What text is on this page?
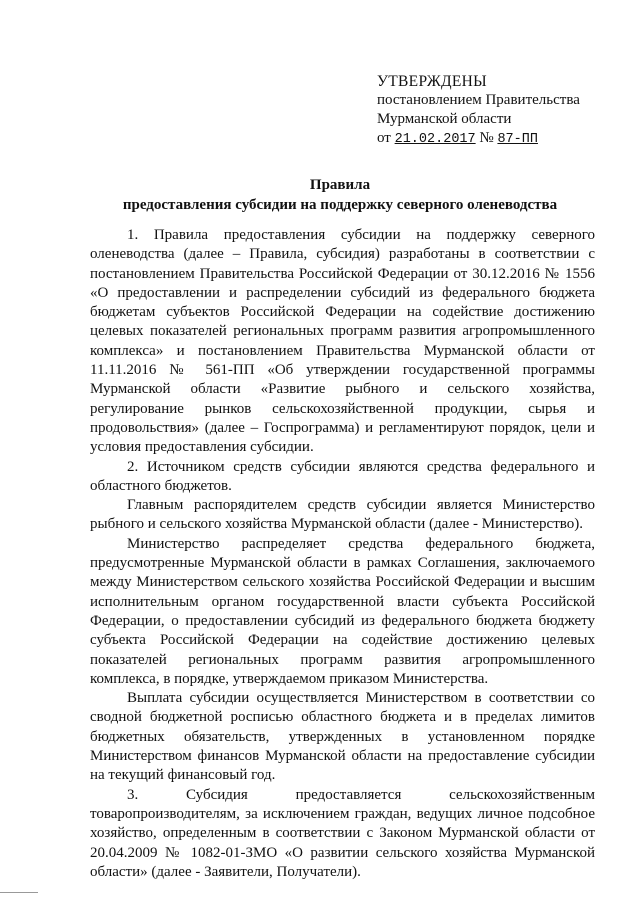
УТВЕРЖДЕНЫ
постановлением Правительства
Мурманской области
от 21.02.2017 № 87-ПП
Правила
предоставления субсидии на поддержку северного оленеводства

1. Правила предоставления субсидии на поддержку северного оленеводства (далее – Правила, субсидия) разработаны в соответствии с постановлением Правительства Российской Федерации от 30.12.2016 № 1556 «О предоставлении и распределении субсидий из федерального бюджета бюджетам субъектов Российской Федерации на содействие достижению целевых показателей региональных программ развития агропромышленного комплекса» и постановлением Правительства Мурманской области от 11.11.2016 № 561-ПП «Об утверждении государственной программы Мурманской области «Развитие рыбного и сельского хозяйства, регулирование рынков сельскохозяйственной продукции, сырья и продовольствия» (далее – Госпрограмма) и регламентируют порядок, цели и условия предоставления субсидии.

2. Источником средств субсидии являются средства федерального и областного бюджетов.

Главным распорядителем средств субсидии является Министерство рыбного и сельского хозяйства Мурманской области (далее - Министерство).

Министерство распределяет средства федерального бюджета, предусмотренные Мурманской области в рамках Соглашения, заключаемого между Министерством сельского хозяйства Российской Федерации и высшим исполнительным органом государственной власти субъекта Российской Федерации, о предоставлении субсидий из федерального бюджета бюджету субъекта Российской Федерации на содействие достижению целевых показателей региональных программ развития агропромышленного комплекса, в порядке, утверждаемом приказом Министерства.

Выплата субсидии осуществляется Министерством в соответствии со сводной бюджетной росписью областного бюджета и в пределах лимитов бюджетных обязательств, утвержденных в установленном порядке Министерством финансов Мурманской области на предоставление субсидии на текущий финансовый год.

3. Субсидия предоставляется сельскохозяйственным товаропроизводителям, за исключением граждан, ведущих личное подсобное хозяйство, определенным в соответствии с Законом Мурманской области от 20.04.2009 № 1082-01-ЗМО «О развитии сельского хозяйства Мурманской области» (далее - Заявители, Получатели).
